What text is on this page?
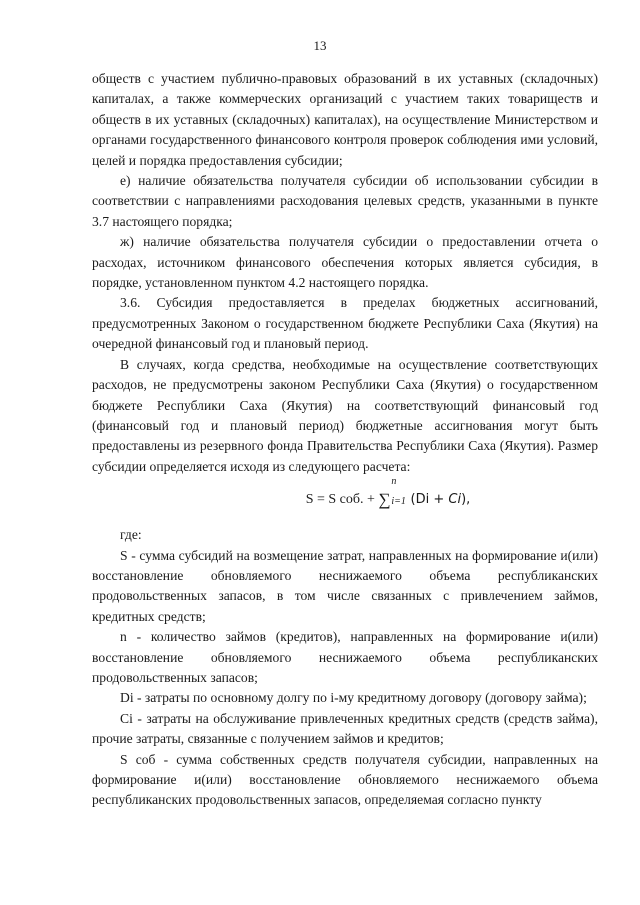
13

обществ с участием публично-правовых образований в их уставных (складочных) капиталах, а также коммерческих организаций с участием таких товариществ и обществ в их уставных (складочных) капиталах), на осуществление Министерством и органами государственного финансового контроля проверок соблюдения ими условий, целей и порядка предоставления субсидии;

е) наличие обязательства получателя субсидии об использовании субсидии в соответствии с направлениями расходования целевых средств, указанными в пункте 3.7 настоящего порядка;

ж) наличие обязательства получателя субсидии о предоставлении отчета о расходах, источником финансового обеспечения которых является субсидия, в порядке, установленном пунктом 4.2 настоящего порядка.

3.6. Субсидия предоставляется в пределах бюджетных ассигнований, предусмотренных Законом о государственном бюджете Республики Саха (Якутия) на очередной финансовый год и плановый период.

В случаях, когда средства, необходимые на осуществление соответствующих расходов, не предусмотрены законом Республики Саха (Якутия) о государственном бюджете Республики Саха (Якутия) на соответствующий финансовый год (финансовый год и плановый период) бюджетные ассигнования могут быть предоставлены из резервного фонда Правительства Республики Саха (Якутия). Размер субсидии определяется исходя из следующего расчета:

S = S соб. + ∑
n
i=1 (Di + Ci),

где:

S - сумма субсидий на возмещение затрат, направленных на формирование и(или) восстановление обновляемого неснижаемого объема республиканских продовольственных запасов, в том числе связанных с привлечением займов, кредитных средств;

n - количество займов (кредитов), направленных на формирование и(или) восстановление обновляемого неснижаемого объема республиканских продовольственных запасов;

Di - затраты по основному долгу по i-му кредитному договору (договору займа);

Ci - затраты на обслуживание привлеченных кредитных средств (средств займа), прочие затраты, связанные с получением займов и кредитов;

S соб - сумма собственных средств получателя субсидии, направленных на формирование и(или) восстановление обновляемого неснижаемого объема республиканских продовольственных запасов, определяемая согласно пункту
